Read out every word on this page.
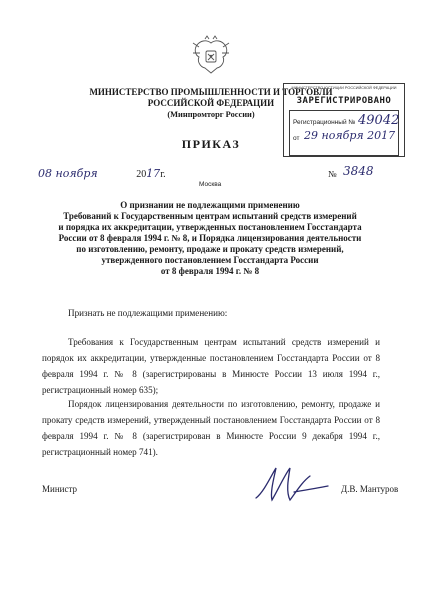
МИНИСТЕРСТВО ПРОМЫШЛЕННОСТИ И ТОРГОВЛИ
РОССИЙСКОЙ ФЕДЕРАЦИИ
(Минпромторг России)
ПРИКАЗ
МИНИСТЕРСТВО ЮСТИЦИИ РОССИЙСКОЙ ФЕДЕРАЦИИ
ЗАРЕГИСТРИРОВАНО
Регистрационный № 49042
от 29 ноября 2017
08 ноября	2017г.
Москва
№ 3848
О признании не подлежащими применению
Требований к Государственным центрам испытаний средств измерений
и порядка их аккредитации, утвержденных постановлением Госстандарта
России от 8 февраля 1994 г. № 8, и Порядка лицензирования деятельности
по изготовлению, ремонту, продаже и прокату средств измерений,
утвержденного постановлением Госстандарта России
от 8 февраля 1994 г. № 8
Признать не подлежащими применению:
Требования к Государственным центрам испытаний средств измерений и порядок их аккредитации, утвержденные постановлением Госстандарта России от 8 февраля 1994 г. № 8 (зарегистрированы в Минюсте России 13 июля 1994 г., регистрационный номер 635);
Порядок лицензирования деятельности по изготовлению, ремонту, продаже и прокату средств измерений, утвержденный постановлением Госстандарта России от 8 февраля 1994 г. № 8 (зарегистрирован в Минюсте России 9 декабря 1994 г., регистрационный номер 741).
Министр	Д.В. Мантуров
